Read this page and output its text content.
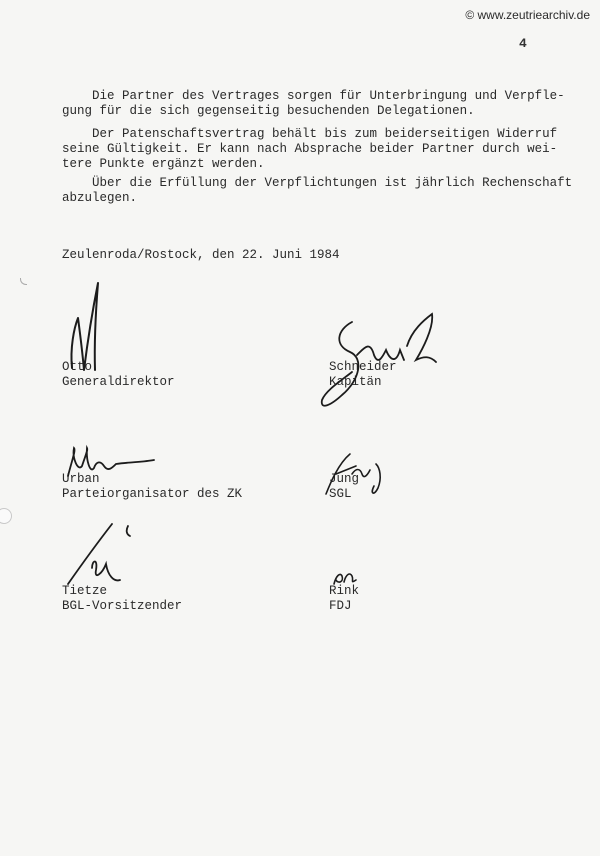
© www.zeutriearchiv.de
4

Die Partner des Vertrages sorgen für Unterbringung und Verpfle-
gung für die sich gegenseitig besuchenden Delegationen.

Der Patenschaftsvertrag behält bis zum beiderseitigen Widerruf
seine Gültigkeit. Er kann nach Absprache beider Partner durch wei-
tere Punkte ergänzt werden.

Über die Erfüllung der Verpflichtungen ist jährlich Rechenschaft
abzulegen.

Zeulenroda/Rostock, den 22. Juni 1984
Otto
Generaldirektor
Schneider
Kapitän
Urban
Parteiorganisator des ZK
Jung
SGL
Tietze
BGL-Vorsitzender
Rink
FDJ
